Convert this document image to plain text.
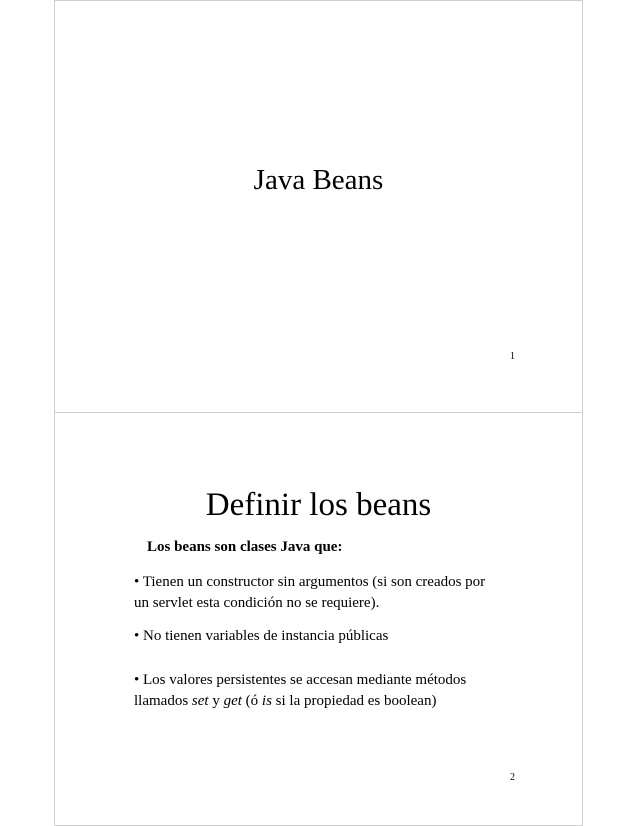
Java Beans
1
Definir los beans
Los beans son clases Java que:
• Tienen un constructor sin argumentos (si son creados por
un servlet esta condición no se requiere).
• No tienen variables de instancia públicas
• Los valores persistentes se accesan mediante métodos
llamados set y get (ó is si la propiedad es boolean)
2
